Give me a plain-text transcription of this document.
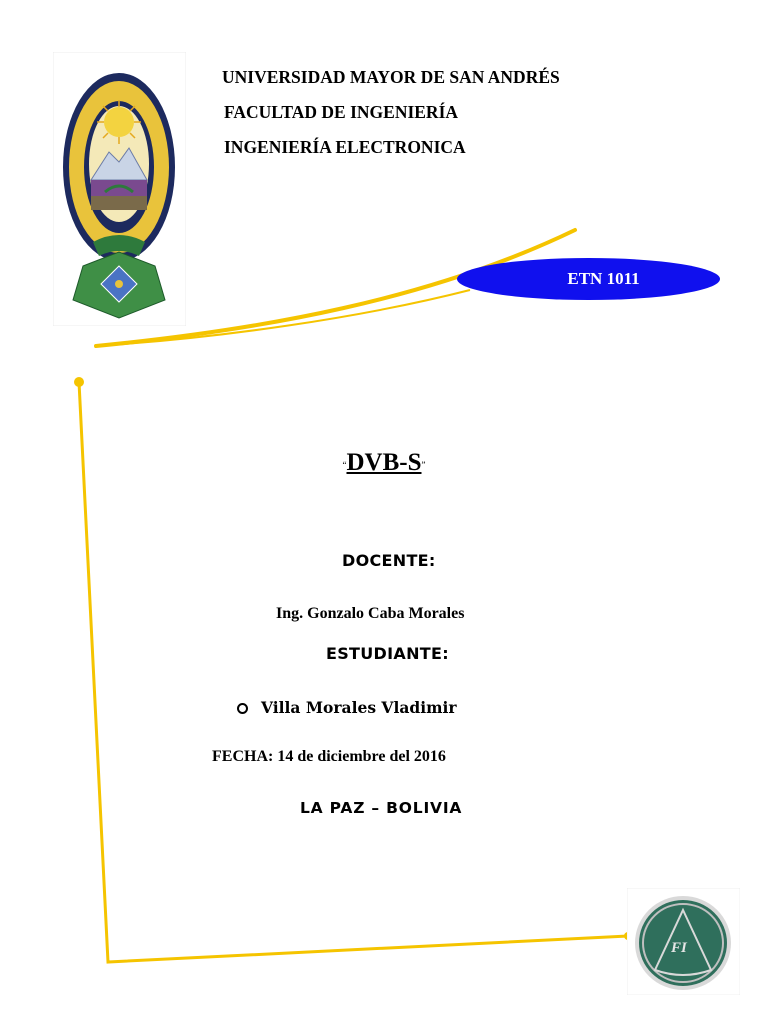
UNIVERSIDAD MAYOR DE SAN ANDRÉS
FACULTAD DE INGENIERÍA
INGENIERÍA ELECTRONICA
ETN 1011
“DVB-S”
DOCENTE:
Ing. Gonzalo Caba Morales
ESTUDIANTE:
Villa Morales Vladimir
FECHA: 14 de diciembre del 2016
LA PAZ – BOLIVIA
FI
